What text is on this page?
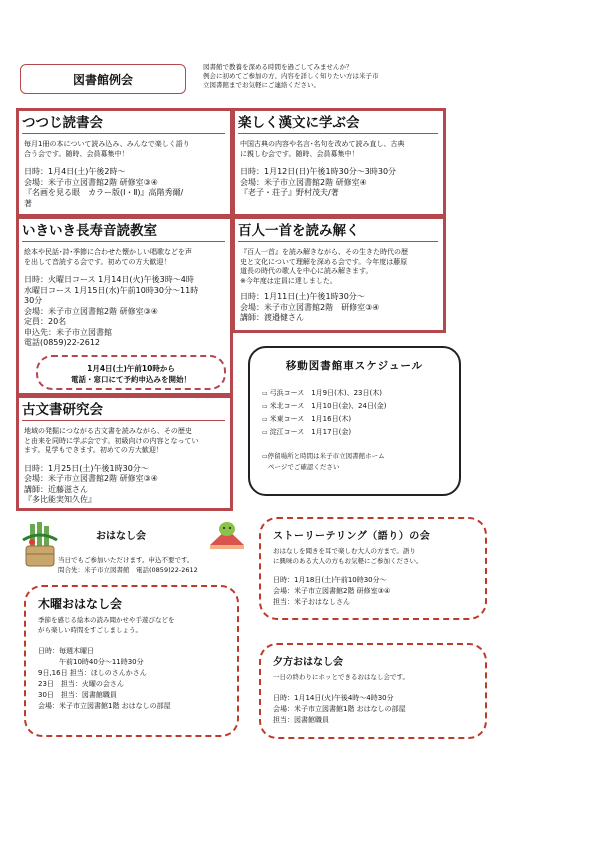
図書館例会
図書館で教養を深める時間を過ごしてみませんか？
例会に初めてご参加の方、内容を詳しく知りたい方は米子市
立図書館までお気軽にご連絡ください。
つつじ読書会
毎月1冊の本について読み込み、みんなで楽しく語り
合う会です。随時、会員募集中！
日時：1月4日(土)午後2時～
会場：米子市立図書館2階 研修室③④
『名画を見る眼　カラー版(Ⅰ・Ⅱ)』高階秀爾/
著
楽しく漢文に学ぶ会
中国古典の内容や名言･名句を改めて読み直し、古典
に親しむ会です。随時、会員募集中！
日時：1月12日(日)午後1時30分～3時30分
会場：米子市立図書館2階 研修室④
『老子・荘子』野村茂夫/著
いきいき長寿音読教室
絵本や民話･詩･季節に合わせた懐かしい唱歌などを声
を出して音読する会です。初めての方大歓迎！
日時：火曜日コース 1月14日(火)午後3時～4時
水曜日コース 1月15日(水)午前10時30分～11時
30分
会場：米子市立図書館2階 研修室③④
定員：20名
申込先：米子市立図書館
電話(0859)22-2612
1月4日(土)午前10時から
電話・窓口にて予約申込みを開始！
百人一首を読み解く
『百人一首』を読み解きながら、その生きた時代の歴
史と文化について理解を深める会です。今年度は藤原
道長の時代の歌人を中心に読み解きます。
※今年度は定員に達しました。
日時：1月11日(土)午後1時30分～
会場：米子市立図書館2階　研修室③④
講師：渡邉健さん
移動図書館車スケジュール
▭ 弓浜コース　1月9日(木)、23日(木)
▭ 米北コース　1月10日(金)、24日(金)
▭ 米東コース　1月16日(木)
▭ 淀江コース　1月17日(金)
▭停留場所と時間は米子市立図書館ホーム
ページでご確認ください
古文書研究会
地域の発掘につながる古文書を読みながら、その歴史
と由来を同時に学ぶ会です。初級向けの内容となってい
ます。見学もできます。初めての方大歓迎！
日時：1月25日(土)午後1時30分～
会場：米子市立図書館2階 研修室③④
講師：近藤滋さん
『多比能実知久佐』
おはなし会
当日でもご参加いただけます。申込不要です。
問合先：米子市立図書館　電話(0859)22-2612
木曜おはなし会
季節を感じる絵本の読み聞かせや手遊びなどを
がら楽しい時間をすごしましょう。
日時：毎週木曜日
　　　午前10時40分～11時30分
9日,16日 担当：ほしのさんかさん
23日　担当：火曜の会さん
30日　担当：図書館職員
会場：米子市立図書館1階 おはなしの部屋
ストーリーテリング（語り）の会
おはなしを聞きを耳で楽しむ大人の方まで。語り
に興味のある大人の方もお気軽にご参加ください。
日時：1月18日(土)午前10時30分～
会場：米子市立図書館2階 研修室③④
担当：米子おはなしさん
夕方おはなし会
一日の終わりにホッとできるおはなし会です。
日時：1月14日(火)午後4時～4時30分
会場：米子市立図書館1階 おはなしの部屋
担当：図書館職員
